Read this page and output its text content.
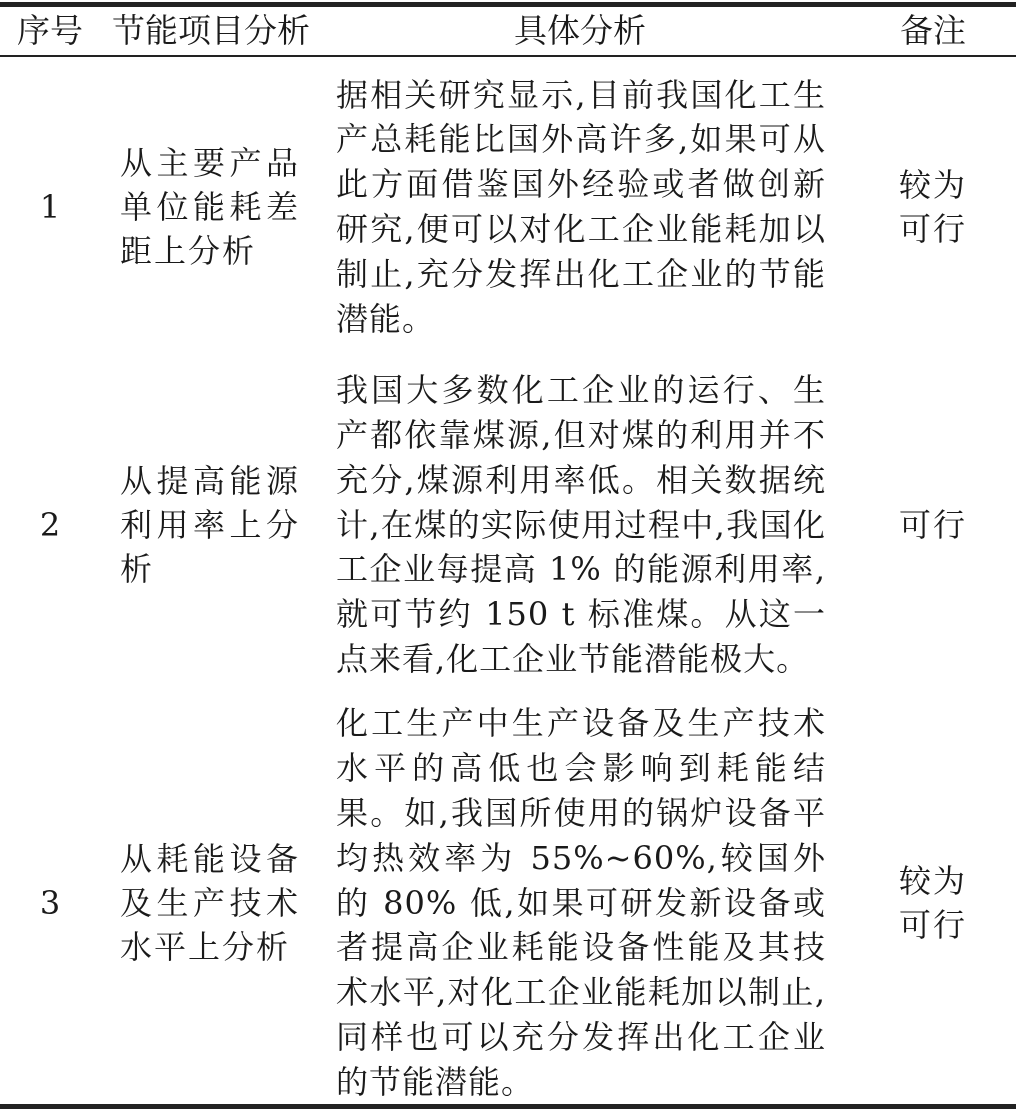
序号 节能项目分析	具体分析	备注
1
从主要产品单位能耗差距上分析
据相关研究显示,目前我国化工生产总耗能比国外高许多,如果可从此方面借鉴国外经验或者做创新研究,便可以对化工企业能耗加以制止,充分发挥出化工企业的节能潜能。
较为可行
2
从提高能源利用率上分析
我国大多数化工企业的运行、生产都依靠煤源,但对煤的利用并不充分,煤源利用率低。相关数据统计,在煤的实际使用过程中,我国化工企业每提高 1% 的能源利用率,就可节约 150 t 标准煤。从这一点来看,化工企业节能潜能极大。
可行
3
从耗能设备及生产技术水平上分析
化工生产中生产设备及生产技术水平的高低也会影响到耗能结果。如,我国所使用的锅炉设备平均热效率为 55%~60%,较国外的 80% 低,如果可研发新设备或者提高企业耗能设备性能及其技术水平,对化工企业能耗加以制止,同样也可以充分发挥出化工企业的节能潜能。
较为可行
